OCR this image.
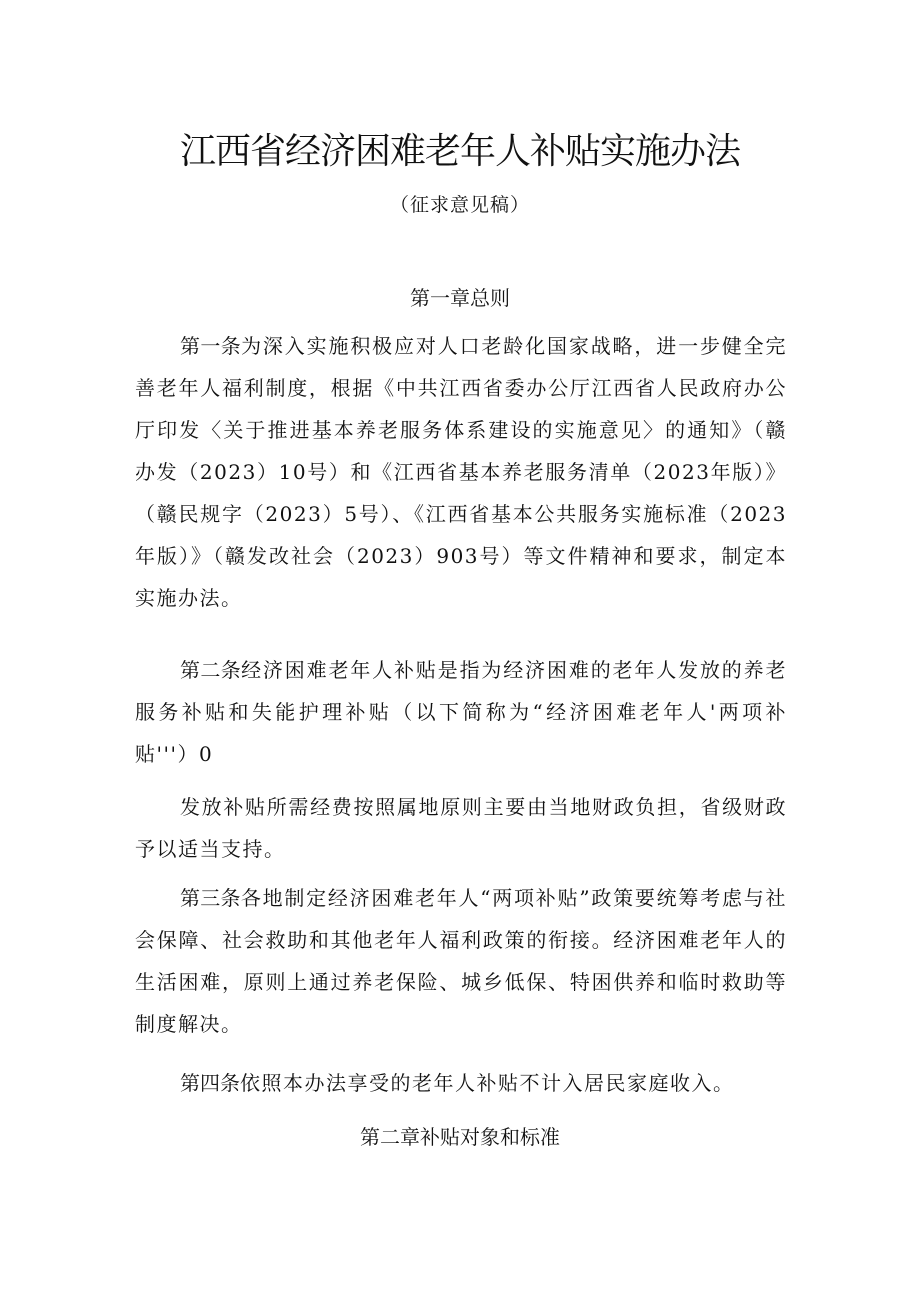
江西省经济困难老年人补贴实施办法
（征求意见稿）
第一章总则

第一条为深入实施积极应对人口老龄化国家战略，进一步健全完善老年人福利制度，根据《中共江西省委办公厅江西省人民政府办公厅印发〈关于推进基本养老服务体系建设的实施意见〉的通知》（赣办发（2023）10号）和《江西省基本养老服务清单（2023年版）》（赣民规字（2023）5号）、《江西省基本公共服务实施标准（2023年版）》（赣发改社会（2023）903号）等文件精神和要求，制定本实施办法。

第二条经济困难老年人补贴是指为经济困难的老年人发放的养老服务补贴和失能护理补贴（以下简称为“经济困难老年人'两项补贴'''）0

发放补贴所需经费按照属地原则主要由当地财政负担，省级财政予以适当支持。

第三条各地制定经济困难老年人“两项补贴”政策要统筹考虑与社会保障、社会救助和其他老年人福利政策的衔接。经济困难老年人的生活困难，原则上通过养老保险、城乡低保、特困供养和临时救助等制度解决。

第四条依照本办法享受的老年人补贴不计入居民家庭收入。

第二章补贴对象和标准
